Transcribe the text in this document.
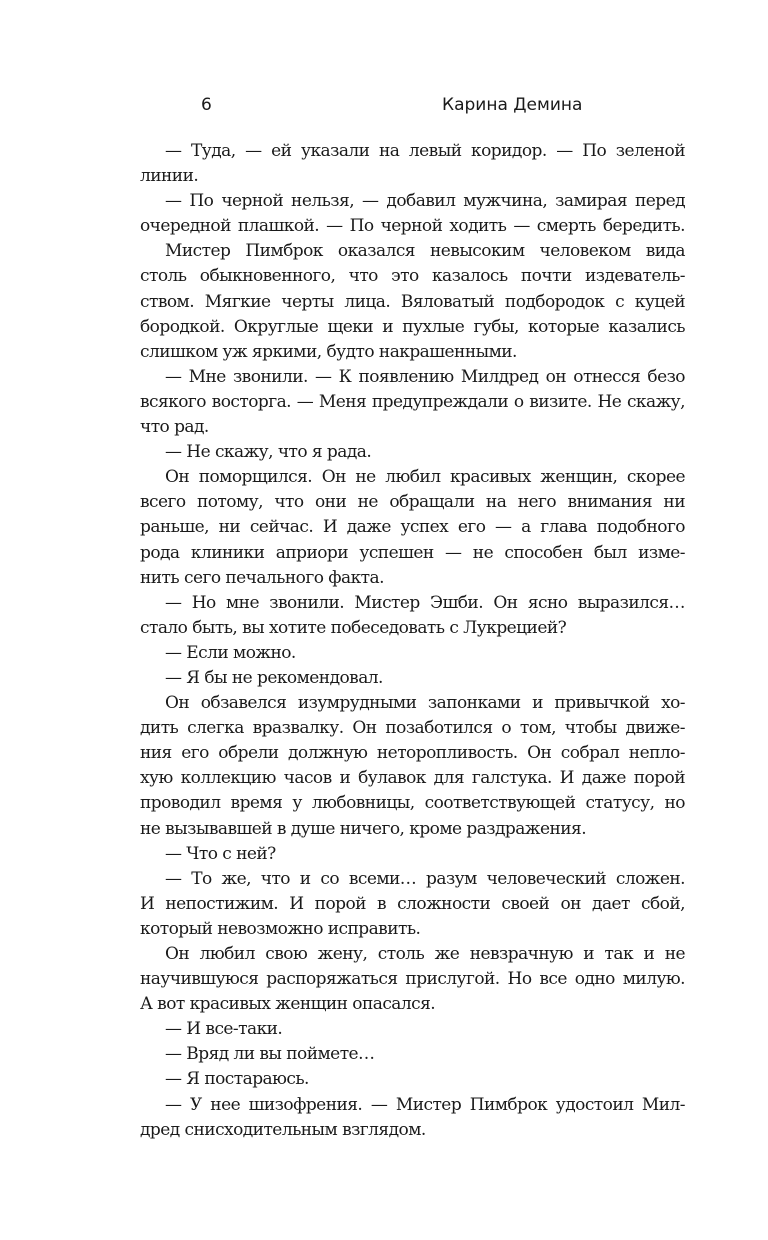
6	Карина Демина
— Туда, — ей указали на левый коридор. — По зеленой
линии.
— По черной нельзя, — добавил мужчина, замирая перед
очередной плашкой. — По черной ходить — смерть бередить.
Мистер Пимброк оказался невысоким человеком вида
столь обыкновенного, что это казалось почти издеватель-
ством. Мягкие черты лица. Вяловатый подбородок с куцей
бородкой. Округлые щеки и пухлые губы, которые казались
слишком уж яркими, будто накрашенными.
— Мне звонили. — К появлению Милдред он отнесся безо
всякого восторга. — Меня предупреждали о визите. Не скажу,
что рад.
— Не скажу, что я рада.
Он поморщился. Он не любил красивых женщин, скорее
всего потому, что они не обращали на него внимания ни
раньше, ни сейчас. И даже успех его — а глава подобного
рода клиники априори успешен — не способен был изме-
нить сего печального факта.
— Но мне звонили. Мистер Эшби. Он ясно выразился…
стало быть, вы хотите побеседовать с Лукрецией?
— Если можно.
— Я бы не рекомендовал.
Он обзавелся изумрудными запонками и привычкой хо-
дить слегка вразвалку. Он позаботился о том, чтобы движе-
ния его обрели должную неторопливость. Он собрал непло-
хую коллекцию часов и булавок для галстука. И даже порой
проводил время у любовницы, соответствующей статусу, но
не вызывавшей в душе ничего, кроме раздражения.
— Что с ней?
— То же, что и со всеми… разум человеческий сложен.
И непостижим. И порой в сложности своей он дает сбой,
который невозможно исправить.
Он любил свою жену, столь же невзрачную и так и не
научившуюся распоряжаться прислугой. Но все одно милую.
А вот красивых женщин опасался.
— И все-таки.
— Вряд ли вы поймете…
— Я постараюсь.
— У нее шизофрения. — Мистер Пимброк удостоил Мил-
дред снисходительным взглядом.
